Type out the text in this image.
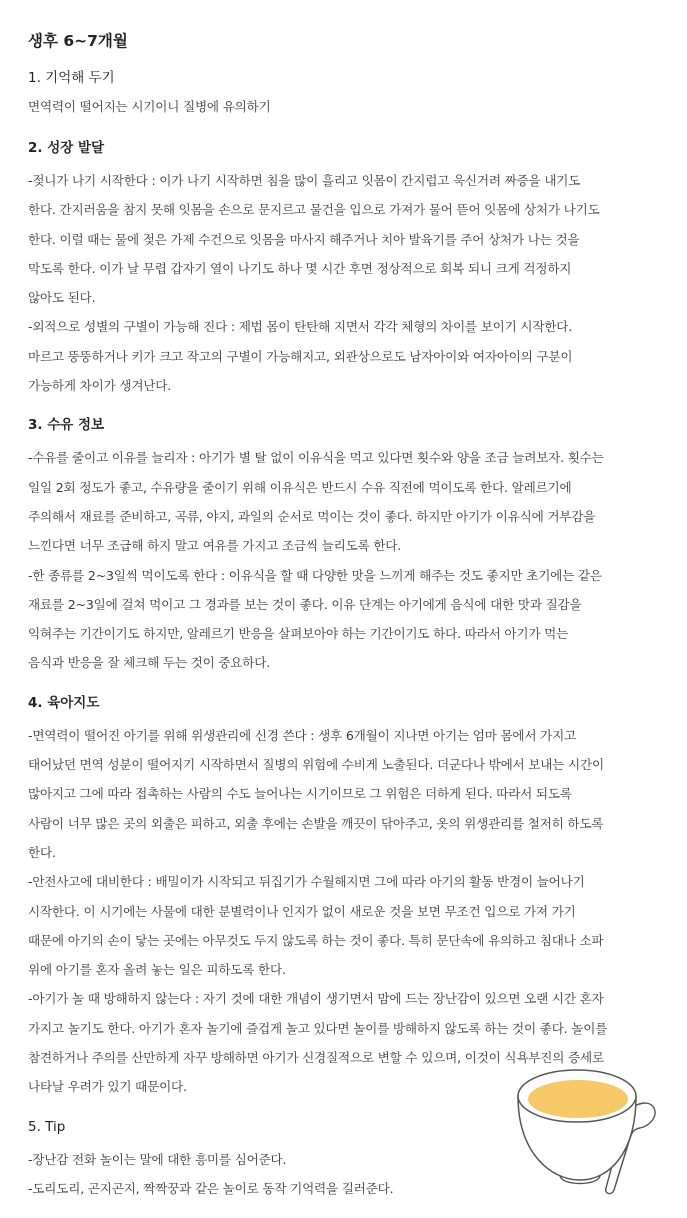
생후 6~7개월
1. 기억해 두기
면역력이 떨어지는 시기이니 질병에 유의하기
2. 성장 발달
-젖니가 나기 시작한다 : 이가 나기 시작하면 침을 많이 흘리고 잇몸이 간지럽고 욱신거려 짜증을 내기도
한다. 간지러움을 참지 못해 잇몸을 손으로 문지르고 물건을 입으로 가져가 물어 뜯어 잇몸에 상처가 나기도
한다. 이럴 때는 물에 젖은 가제 수건으로 잇몸을 마사지 해주거나 치아 발육기를 주어 상처가 나는 것을
막도록 한다. 이가 날 무렵 갑자기 열이 나기도 하나 몇 시간 후면 정상적으로 회복 되니 크게 걱정하지
않아도 된다.
-외적으로 성별의 구별이 가능해 진다 : 제법 몸이 탄탄해 지면서 각각 체형의 차이를 보이기 시작한다.
마르고 뚱뚱하거나 키가 크고 작고의 구별이 가능해지고, 외관상으로도 남자아이와 여자아이의 구분이
가능하게 차이가 생겨난다.
3. 수유 정보
-수유를 줄이고 이유를 늘리자 : 아기가 별 탈 없이 이유식을 먹고 있다면 횟수와 양을 조금 늘려보자. 횟수는
일일 2회 정도가 좋고, 수유량을 줄이기 위해 이유식은 반드시 수유 직전에 먹이도록 한다. 알레르기에
주의해서 재료를 준비하고, 곡류, 야지, 과일의 순서로 먹이는 것이 좋다. 하지만 아기가 이유식에 거부감을
느낀다면 너무 조급해 하지 말고 여유를 가지고 조금씩 늘리도록 한다.
-한 종류를 2~3일씩 먹이도록 한다 : 이유식을 할 때 다양한 맛을 느끼게 해주는 것도 좋지만 초기에는 같은
재료를 2~3일에 걸쳐 먹이고 그 경과를 보는 것이 좋다. 이유 단계는 아기에게 음식에 대한 맛과 질감을
익혀주는 기간이기도 하지만, 알레르기 반응을 살펴보아야 하는 기간이기도 하다. 따라서 아기가 먹는
음식과 반응을 잘 체크해 두는 것이 중요하다.
4. 육아지도
-면역력이 떨어진 아기를 위해 위생관리에 신경 쓴다 : 생후 6개월이 지나면 아기는 엄마 몸에서 가지고
태어났던 면역 성분이 떨어지기 시작하면서 질병의 위험에 수비게 노출된다. 더군다나 밖에서 보내는 시간이
많아지고 그에 따라 접촉하는 사람의 수도 늘어나는 시기이므로 그 위험은 더하게 된다. 따라서 되도록
사람이 너무 많은 곳의 외출은 피하고, 외출 후에는 손발을 깨끗이 닦아주고, 옷의 위생관리를 철저히 하도록
한다.
-안전사고에 대비한다 : 배밀이가 시작되고 뒤집기가 수월해지면 그에 따라 아기의 활동 반경이 늘어나기
시작한다. 이 시기에는 사물에 대한 분별력이나 인지가 없이 새로운 것을 보면 무조건 입으로 가져 가기
때문에 아기의 손이 닿는 곳에는 아무것도 두지 않도록 하는 것이 좋다. 특히 문단속에 유의하고 침대나 소파
위에 아기를 혼자 올려 놓는 일은 피하도록 한다.
-아기가 놀 때 방해하지 않는다 : 자기 것에 대한 개념이 생기면서 맘에 드는 장난감이 있으면 오랜 시간 혼자
가지고 놀기도 한다. 아기가 혼자 놀기에 즐겁게 놀고 있다면 놀이를 방해하지 않도록 하는 것이 좋다. 놀이를
참견하거나 주의를 산만하게 자꾸 방해하면 아기가 신경질적으로 변할 수 있으며, 이것이 식욕부진의 증세로
나타날 우려가 있기 때문이다.
5. Tip
-장난감 전화 놀이는 말에 대한 흥미를 심어준다.
-도리도리, 곤지곤지, 짝짝꿍과 같은 놀이로 동작 기억력을 길러준다.
